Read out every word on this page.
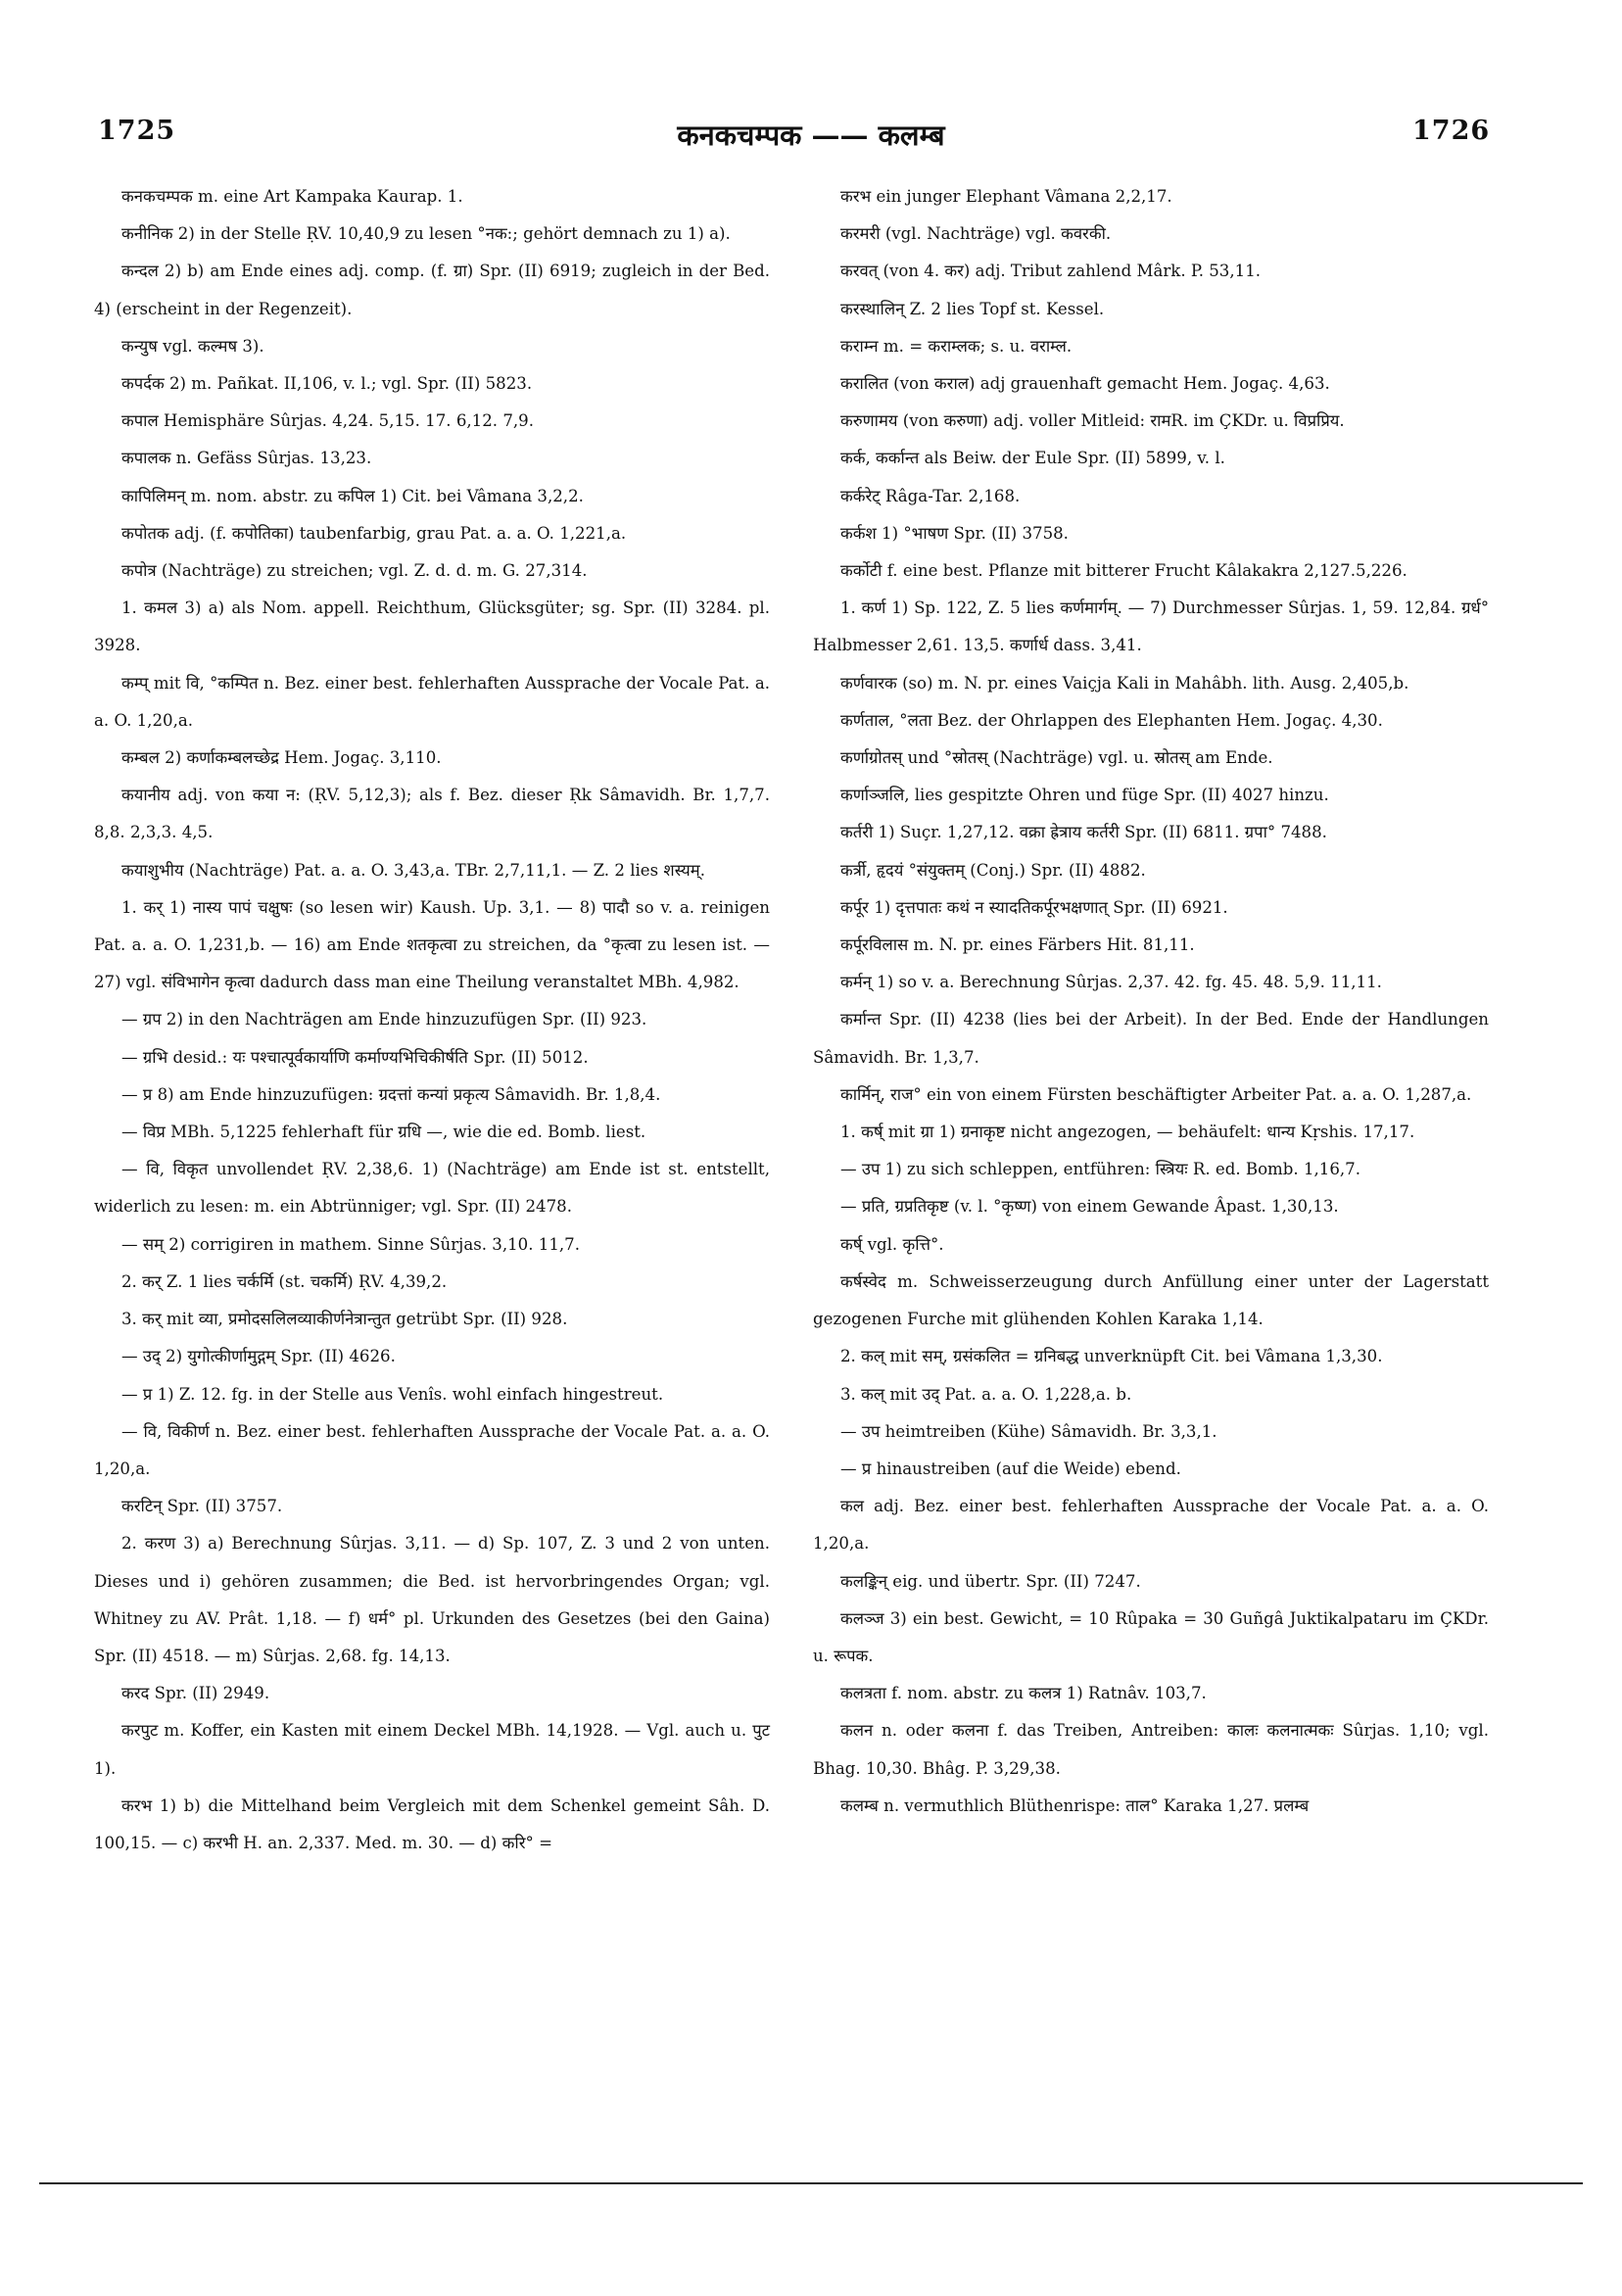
1725	कनकचम्पक —— कलम्ब	1726

कनकचम्पक m. eine Art Kampaka Kaurap. 1.

कनीनिक 2) in der Stelle ṚV. 10,40,9 zu lesen °नक:; gehört demnach zu 1) a).

कन्दल 2) b) am Ende eines adj. comp. (f. ग्रा) Spr. (II) 6919; zugleich in der Bed. 4) (erscheint in der Regenzeit).

कन्युष vgl. कल्मष 3).

कपर्दक 2) m. Pañkat. II,106, v. l.; vgl. Spr. (II) 5823.

कपाल Hemisphäre Sûrjas. 4,24. 5,15. 17. 6,12. 7,9.

कपालक n. Gefäss Sûrjas. 13,23.

कापिलिमन् m. nom. abstr. zu कपिल 1) Cit. bei Vâmana 3,2,2.

कपोतक adj. (f. कपोतिका) taubenfarbig, grau Pat. a. a. O. 1,221,a.

कपोत्र (Nachträge) zu streichen; vgl. Z. d. d. m. G. 27,314.

1. कमल 3) a) als Nom. appell. Reichthum, Glücksgüter; sg. Spr. (II) 3284. pl. 3928.

कम्प् mit वि, °कम्पित n. Bez. einer best. fehlerhaften Aussprache der Vocale Pat. a. a. O. 1,20,a.

कम्बल 2) कर्णाकम्बलच्छेद्र Hem. Jogaç. 3,110.

कयानीय adj. von कया न: (ṚV. 5,12,3); als f. Bez. dieser Ṛk Sâmavidh. Br. 1,7,7. 8,8. 2,3,3. 4,5.

कयाशुभीय (Nachträge) Pat. a. a. O. 3,43,a. TBr. 2,7,11,1. — Z. 2 lies शस्यम्.

1. कर् 1) नास्य पापं चक्षुषः (so lesen wir) Kaush. Up. 3,1. — 8) पादौ so v. a. reinigen Pat. a. a. O. 1,231,b. — 16) am Ende शतकृत्वा zu streichen, da °कृत्वा zu lesen ist. — 27) vgl. संविभागेन कृत्वा dadurch dass man eine Theilung veranstaltet MBh. 4,982.

— ग्रप 2) in den Nachträgen am Ende hinzuzufügen Spr. (II) 923.

— ग्रभि desid.: यः पश्चात्पूर्वकार्याणि कर्माण्यभिचिकीर्षति Spr. (II) 5012.

— प्र 8) am Ende hinzuzufügen: ग्रदत्तां कन्यां प्रकृत्य Sâmavidh. Br. 1,8,4.

— विप्र MBh. 5,1225 fehlerhaft für ग्रधि —, wie die ed. Bomb. liest.

— वि, विकृत unvollendet ṚV. 2,38,6. 1) (Nachträge) am Ende ist st. entstellt, widerlich zu lesen: m. ein Abtrünniger; vgl. Spr. (II) 2478.

— सम् 2) corrigiren in mathem. Sinne Sûrjas. 3,10. 11,7.

2. कर् Z. 1 lies चर्कर्मि (st. चकर्मि) ṚV. 4,39,2.

3. कर् mit व्या, प्रमोदसलिलव्याकीर्णनेत्रान्तुत getrübt Spr. (II) 928.

— उद् 2) युगोत्कीर्णामुद्गम् Spr. (II) 4626.

— प्र 1) Z. 12. fg. in der Stelle aus Venîs. wohl einfach hingestreut.

— वि, विकीर्ण n. Bez. einer best. fehlerhaften Aussprache der Vocale Pat. a. a. O. 1,20,a.

करटिन् Spr. (II) 3757.

2. करण 3) a) Berechnung Sûrjas. 3,11. — d) Sp. 107, Z. 3 und 2 von unten. Dieses und i) gehören zusammen; die Bed. ist hervorbringendes Organ; vgl. Whitney zu AV. Prât. 1,18. — f) धर्म° pl. Urkunden des Gesetzes (bei den Gaina) Spr. (II) 4518. — m) Sûrjas. 2,68. fg. 14,13.

करद Spr. (II) 2949.

करपुट m. Koffer, ein Kasten mit einem Deckel MBh. 14,1928. — Vgl. auch u. पुट 1).

करभ 1) b) die Mittelhand beim Vergleich mit dem Schenkel gemeint Sâh. D. 100,15. — c) करभी H. an. 2,337. Med. m. 30. — d) करि° =

करभ ein junger Elephant Vâmana 2,2,17.

करमरी (vgl. Nachträge) vgl. कवरकी.

करवत् (von 4. कर) adj. Tribut zahlend Mârk. P. 53,11.

करस्थालिन् Z. 2 lies Topf st. Kessel.

कराम्न m. = कराम्लक; s. u. वराम्ल.

करालित (von कराल) adj grauenhaft gemacht Hem. Jogaç. 4,63.

करुणामय (von करुणा) adj. voller Mitleid: रामR. im ÇKDr. u. विप्रप्रिय.

कर्क, कर्कान्त als Beiw. der Eule Spr. (II) 5899, v. l.

कर्करेट् Râga-Tar. 2,168.

कर्कश 1) °भाषण Spr. (II) 3758.

कर्कोटी f. eine best. Pflanze mit bitterer Frucht Kâlakakra 2,127.5,226.

1. कर्ण 1) Sp. 122, Z. 5 lies कर्णमार्गम्. — 7) Durchmesser Sûrjas. 1, 59. 12,84. ग्रर्ध° Halbmesser 2,61. 13,5. कर्णार्ध dass. 3,41.

कर्णवारक (so) m. N. pr. eines Vaiçja Kali in Mahâbh. lith. Ausg. 2,405,b.

कर्णताल, °लता Bez. der Ohrlappen des Elephanten Hem. Jogaç. 4,30.

कर्णाग्रोतस् und °स्रोतस् (Nachträge) vgl. u. स्रोतस् am Ende.

कर्णाञ्जलि, lies gespitzte Ohren und füge Spr. (II) 4027 hinzu.

कर्तरी 1) Suçr. 1,27,12. वक्रा ह्रेत्राय कर्तरी Spr. (II) 6811. ग्रपा° 7488.

कर्त्री, हृदयं °संयुक्तम् (Conj.) Spr. (II) 4882.

कर्पूर 1) दृत्तपातः कथं न स्यादतिकर्पूरभक्षणात् Spr. (II) 6921.

कर्पूरविलास m. N. pr. eines Färbers Hit. 81,11.

कर्मन् 1) so v. a. Berechnung Sûrjas. 2,37. 42. fg. 45. 48. 5,9. 11,11.

कर्मान्त Spr. (II) 4238 (lies bei der Arbeit). In der Bed. Ende der Handlungen Sâmavidh. Br. 1,3,7.

कार्मिन्, राज° ein von einem Fürsten beschäftigter Arbeiter Pat. a. a. O. 1,287,a.

1. कर्ष् mit ग्रा 1) ग्रनाकृष्ट nicht angezogen, — behäufelt: धान्य Kṛshis. 17,17.

— उप 1) zu sich schleppen, entführen: स्त्रियः R. ed. Bomb. 1,16,7.

— प्रति, ग्रप्रतिकृष्ट (v. l. °कृष्ण) von einem Gewande Âpast. 1,30,13.

कर्ष् vgl. कृत्ति°.

कर्षस्वेद m. Schweisserzeugung durch Anfüllung einer unter der Lagerstatt gezogenen Furche mit glühenden Kohlen Karaka 1,14.

2. कल् mit सम्, ग्रसंकलित = ग्रनिबद्ध unverknüpft Cit. bei Vâmana 1,3,30.

3. कल् mit उद् Pat. a. a. O. 1,228,a. b.

— उप heimtreiben (Kühe) Sâmavidh. Br. 3,3,1.

— प्र hinaustreiben (auf die Weide) ebend.

कल adj. Bez. einer best. fehlerhaften Aussprache der Vocale Pat. a. a. O. 1,20,a.

कलङ्किन् eig. und übertr. Spr. (II) 7247.

कलञ्ज 3) ein best. Gewicht, = 10 Rûpaka = 30 Guñgâ Juktikalpataru im ÇKDr. u. रूपक.

कलत्रता f. nom. abstr. zu कलत्र 1) Ratnâv. 103,7.

कलन n. oder कलना f. das Treiben, Antreiben: कालः कलनात्मकः Sûrjas. 1,10; vgl. Bhag. 10,30. Bhâg. P. 3,29,38.

कलम्ब n. vermuthlich Blüthenrispe: ताल° Karaka 1,27. प्रलम्ब
